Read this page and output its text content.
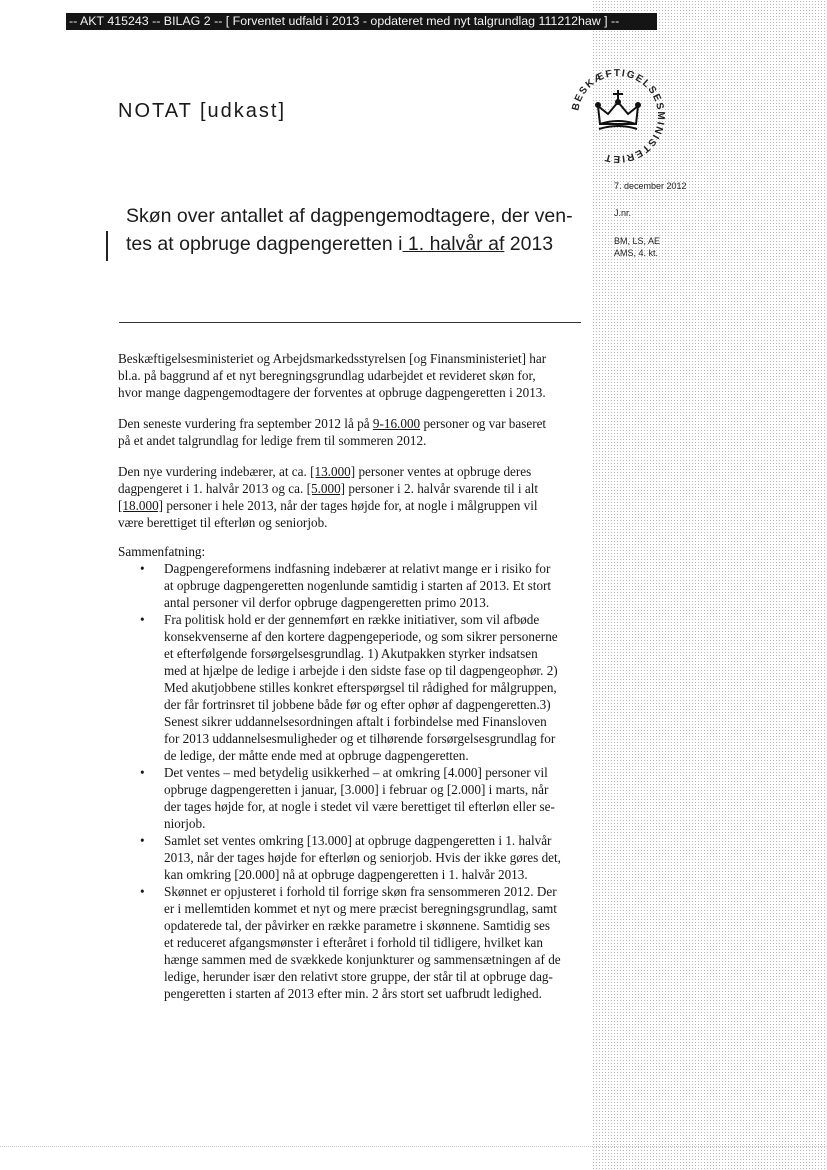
-- AKT 415243 -- BILAG 2 -- [ Forventet udfald i 2013 - opdateret med nyt talgrundlag 111212haw ] --
BESKÆFTIGELSESMINISTERIET
NOTAT [udkast]
7. december 2012
J.nr.
BM, LS, AE
AMS, 4. kt.
Skøn over antallet af dagpengemodtagere, der ven-
tes at opbruge dagpengeretten i 1. halvår af 2013
Beskæftigelsesministeriet og Arbejdsmarkedsstyrelsen [og Finansministeriet] har
bl.a. på baggrund af et nyt beregningsgrundlag udarbejdet et revideret skøn for,
hvor mange dagpengemodtagere der forventes at opbruge dagpengeretten i 2013.
Den seneste vurdering fra september 2012 lå på 9-16.000 personer og var baseret
på et andet talgrundlag for ledige frem til sommeren 2012.
Den nye vurdering indebærer, at ca. [13.000] personer ventes at opbruge deres
dagpengeret i 1. halvår 2013 og ca. [5.000] personer i 2. halvår svarende til i alt
[18.000] personer i hele 2013, når der tages højde for, at nogle i målgruppen vil
være berettiget til efterløn og seniorjob.
Sammenfatning:
• Dagpengereformens indfasning indebærer at relativt mange er i risiko for
at opbruge dagpengeretten nogenlunde samtidig i starten af 2013. Et stort
antal personer vil derfor opbruge dagpengeretten primo 2013.
• Fra politisk hold er der gennemført en række initiativer, som vil afbøde
konsekvenserne af den kortere dagpengeperiode, og som sikrer personerne
et efterfølgende forsørgelsesgrundlag. 1) Akutpakken styrker indsatsen
med at hjælpe de ledige i arbejde i den sidste fase op til dagpengeophør. 2)
Med akutjobbene stilles konkret efterspørgsel til rådighed for målgruppen,
der får fortrinsret til jobbene både før og efter ophør af dagpengeretten.3)
Senest sikrer uddannelsesordningen aftalt i forbindelse med Finansloven
for 2013 uddannelsesmuligheder og et tilhørende forsørgelsesgrundlag for
de ledige, der måtte ende med at opbruge dagpengeretten.
• Det ventes – med betydelig usikkerhed – at omkring [4.000] personer vil
opbruge dagpengeretten i januar, [3.000] i februar og [2.000] i marts, når
der tages højde for, at nogle i stedet vil være berettiget til efterløn eller se-
niorjob.
• Samlet set ventes omkring [13.000] at opbruge dagpengeretten i 1. halvår
2013, når der tages højde for efterløn og seniorjob. Hvis der ikke gøres det,
kan omkring [20.000] nå at opbruge dagpengeretten i 1. halvår 2013.
• Skønnet er opjusteret i forhold til forrige skøn fra sensommeren 2012. Der
er i mellemtiden kommet et nyt og mere præcist beregningsgrundlag, samt
opdaterede tal, der påvirker en række parametre i skønnene. Samtidig ses
et reduceret afgangsmønster i efteråret i forhold til tidligere, hvilket kan
hænge sammen med de svækkede konjunkturer og sammensætningen af de
ledige, herunder især den relativt store gruppe, der står til at opbruge dag-
pengeretten i starten af 2013 efter min. 2 års stort set uafbrudt ledighed.
